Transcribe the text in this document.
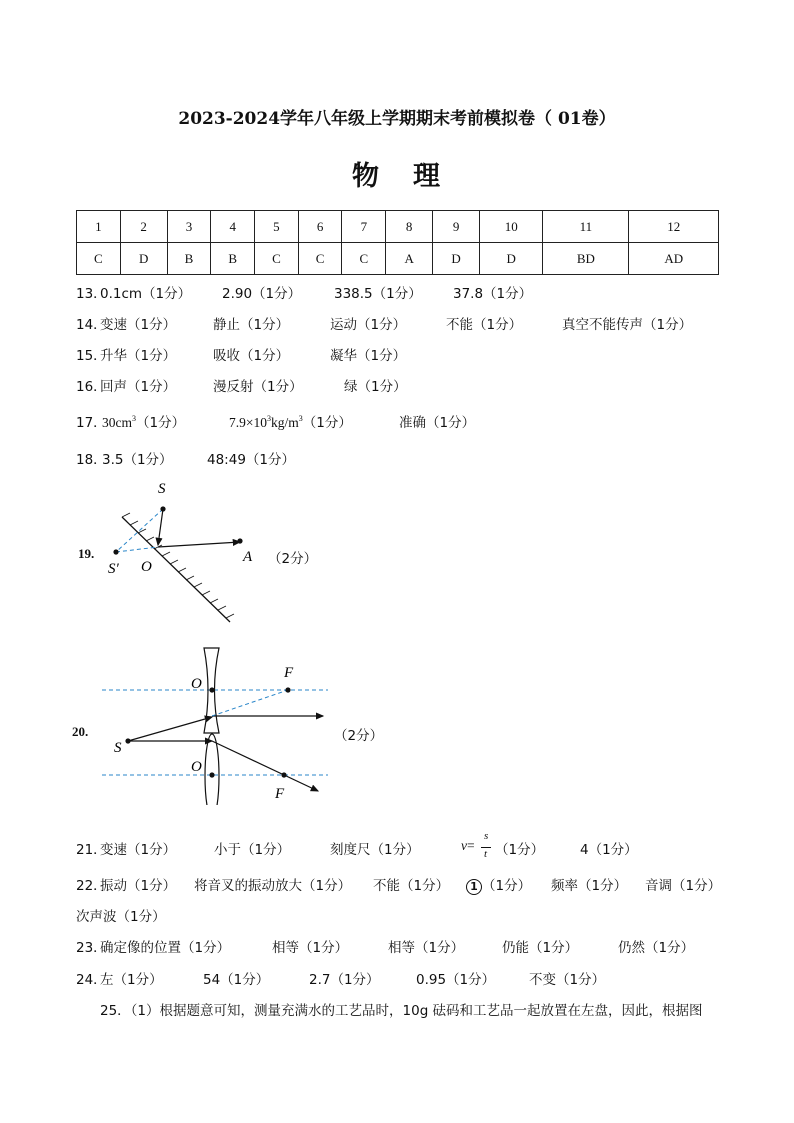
2023-2024学年八年级上学期期末考前模拟卷（ 01卷）
物 理
1	2	3	4	5	6	7	8	9	10	11	12
C	D	B	B	C	C	C	A	D	D	BD	AD
13．
0.1cm（1分） 2.90（1分） 338.5（1分） 37.8（1分）
14．
变速（1分）	静止（1分）	运动（1分）	不能（1分）	真空不能传声（1分）
15．
升华（1分）	吸收（1分）	凝华（1分）
16．
回声（1分）	漫反射（1分）	绿（1分）
17．
$30cm^3(1$分）	$7.9\times 10^3kg/m^3(1$分）	准确（1分）
18．
3.5（1分）	48:49（1分）
19.
S
S′ O
A （2分）
20.
O
F
S
O
F
（2分）
21．
变速（1分）	小于（1分）	刻度尺（1分）	v=
s
t （1分）	4（1分）
22．
振动（1分） 将音叉的振动放大（1分） 不能（1分）	1 （1分） 频率（1分） 音调（1分）
次声波（1分）
23．
确定像的位置（1分）	相等（1分）	相等（1分）	仍能（1分）	仍然（1分）
24．
左（1分）	54（1分）	2.7（1分）	0.95（1分）	不变（1分）
25．（1）根据题意可知，测量充满水的工艺品时，10g 砝码和工艺品一起放置在左盘，因此，根据图
